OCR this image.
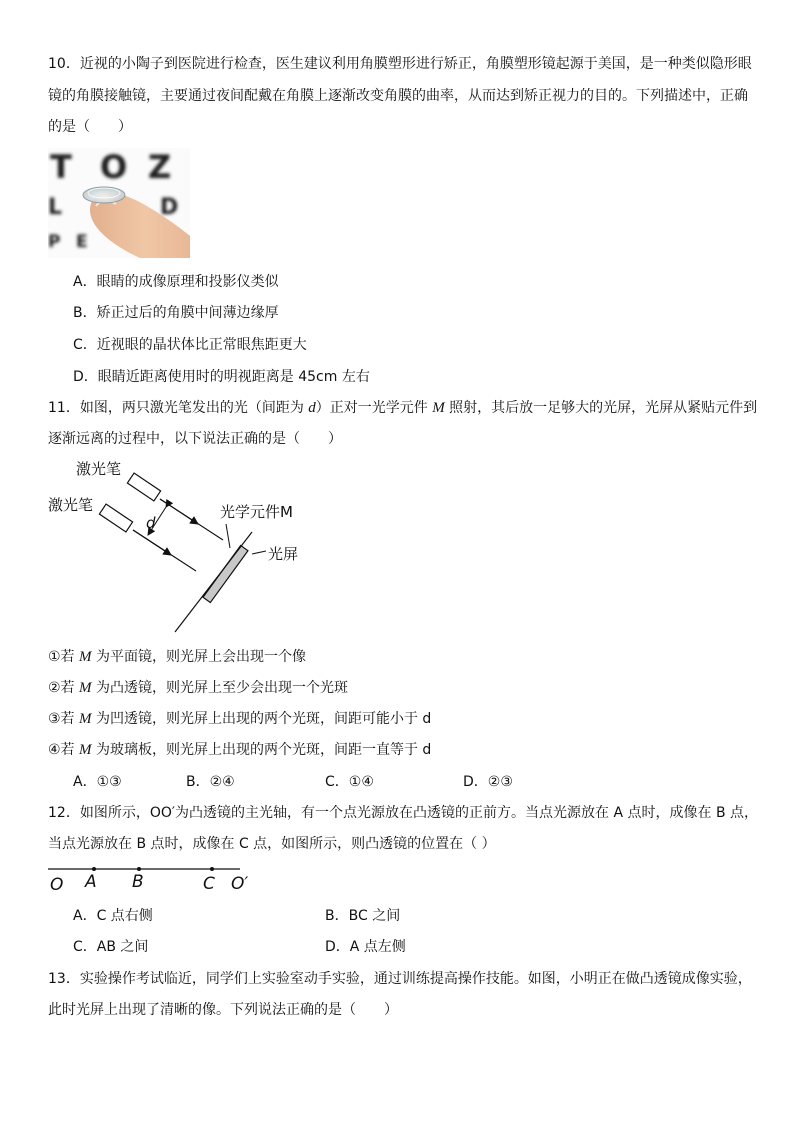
10．近视的小陶子到医院进行检查，医生建议利用角膜塑形进行矫正，角膜塑形镜起源于美国，是一种类似隐形眼
镜的角膜接触镜，主要通过夜间配戴在角膜上逐渐改变角膜的曲率，从而达到矫正视力的目的。下列描述中，正确
的是（　　）
T O Z
L	D
P E
A．眼睛的成像原理和投影仪类似
B．矫正过后的角膜中间薄边缘厚
C．近视眼的晶状体比正常眼焦距更大
D．眼睛近距离使用时的明视距离是 45cm 左右
11．如图，两只激光笔发出的光（间距为 d）正对一光学元件 M 照射，其后放一足够大的光屏，光屏从紧贴元件到
逐渐远离的过程中，以下说法正确的是（　　）
激光笔
激光笔
d
光学元件M
光屏
①若 M 为平面镜，则光屏上会出现一个像
②若 M 为凸透镜，则光屏上至少会出现一个光斑
③若 M 为凹透镜，则光屏上出现的两个光斑，间距可能小于 d
④若 M 为玻璃板，则光屏上出现的两个光斑，间距一直等于 d
A．①③	B．②④	C．①④	D．②③
12．如图所示，OO′为凸透镜的主光轴，有一个点光源放在凸透镜的正前方。当点光源放在 A 点时，成像在 B 点，
当点光源放在 B 点时，成像在 C 点，如图所示，则凸透镜的位置在（ ）
O A B	C O′
A．C 点右侧	B．BC 之间
C．AB 之间	D．A 点左侧
13．实验操作考试临近，同学们上实验室动手实验，通过训练提高操作技能。如图，小明正在做凸透镜成像实验，
此时光屏上出现了清晰的像。下列说法正确的是（　　）
